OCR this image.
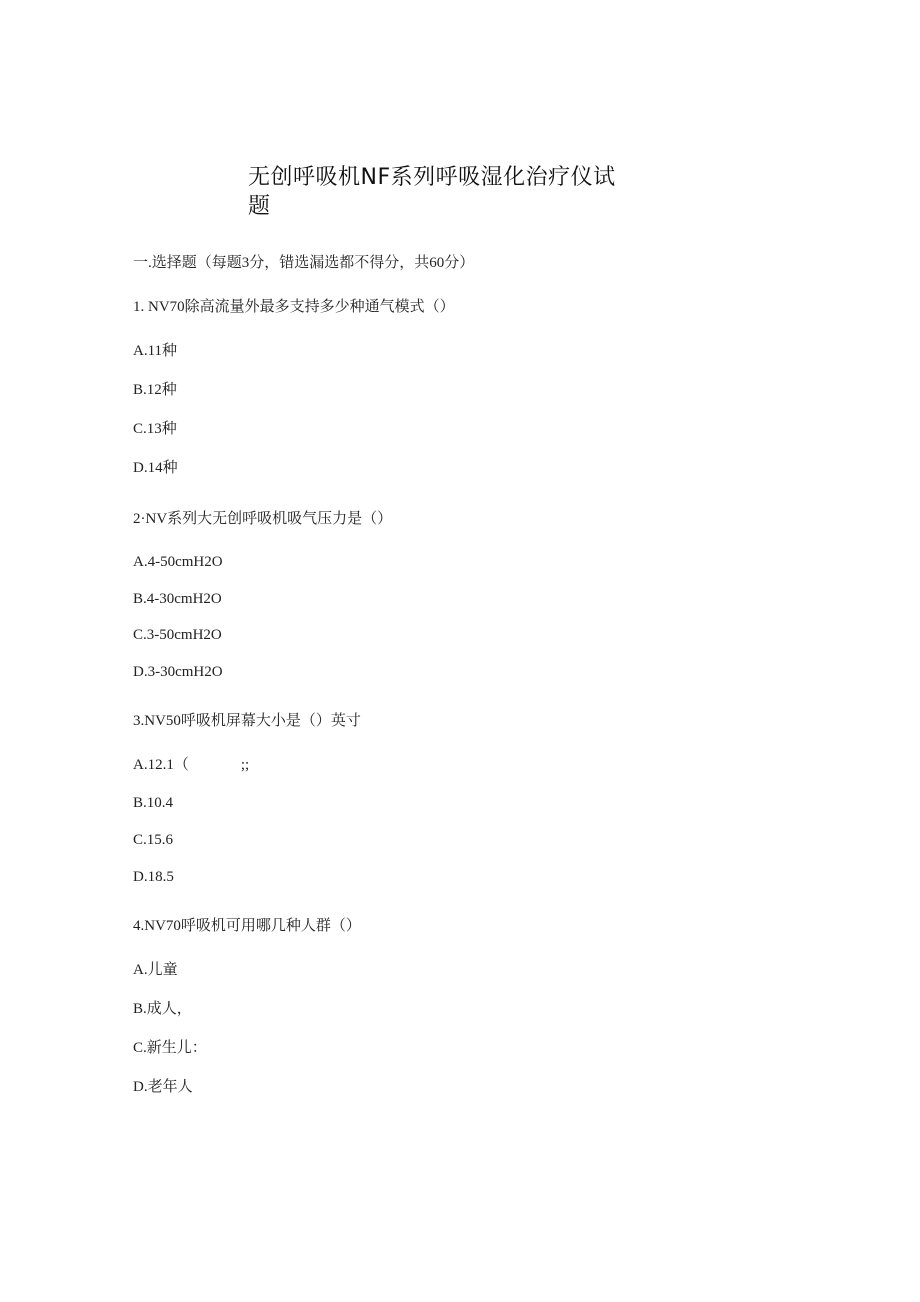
无创呼吸机NF系列呼吸湿化治疗仪试
题
一.选择题（每题3分，错选漏选都不得分，共60分）
1. NV70除高流量外最多支持多少种通气模式（）
A.11种
B.12种
C.13种
D.14种
2·NV系列大无创呼吸机吸气压力是（）
A.4-50cmH2O
B.4-30cmH2O
C.3-50cmH2O
D.3-30cmH2O
3.NV50呼吸机屏幕大小是（）英寸
A.12.1（	;;
B.10.4
C.15.6
D.18.5
4.NV70呼吸机可用哪几种人群（）
A.儿童
B.成人，
C.新生儿：
D.老年人
